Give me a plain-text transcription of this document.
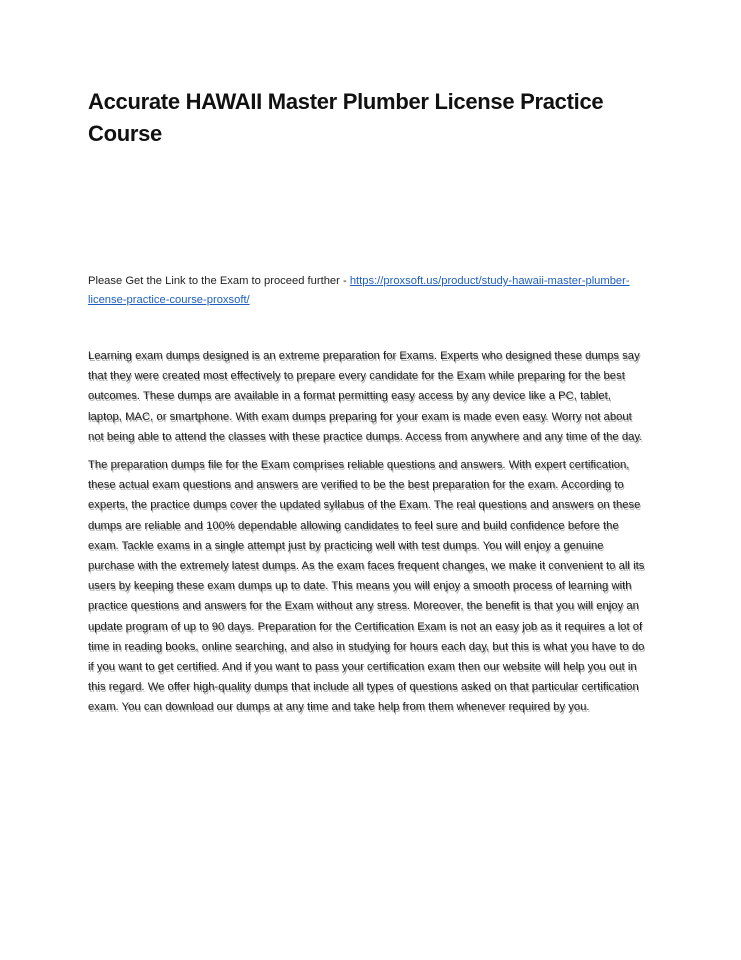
Accurate HAWAII Master Plumber License Practice Course

Please Get the Link to the Exam to proceed further - https://proxsoft.us/product/study-hawaii-master-plumber-license-practice-course-proxsoft/

Learning exam dumps designed is an extreme preparation for Exams. Experts who designed these dumps say that they were created most effectively to prepare every candidate for the Exam while preparing for the best outcomes. These dumps are available in a format permitting easy access by any device like a PC, tablet, laptop, MAC, or smartphone. With exam dumps preparing for your exam is made even easy. Worry not about not being able to attend the classes with these practice dumps. Access from anywhere and any time of the day.

The preparation dumps file for the Exam comprises reliable questions and answers. With expert certification, these actual exam questions and answers are verified to be the best preparation for the exam. According to experts, the practice dumps cover the updated syllabus of the Exam. The real questions and answers on these dumps are reliable and 100% dependable allowing candidates to feel sure and build confidence before the exam. Tackle exams in a single attempt just by practicing well with test dumps. You will enjoy a genuine purchase with the extremely latest dumps. As the exam faces frequent changes, we make it convenient to all its users by keeping these exam dumps up to date. This means you will enjoy a smooth process of learning with practice questions and answers for the Exam without any stress. Moreover, the benefit is that you will enjoy an update program of up to 90 days. Preparation for the Certification Exam is not an easy job as it requires a lot of time in reading books, online searching, and also in studying for hours each day, but this is what you have to do if you want to get certified. And if you want to pass your certification exam then our website will help you out in this regard. We offer high-quality dumps that include all types of questions asked on that particular certification exam. You can download our dumps at any time and take help from them whenever required by you.
